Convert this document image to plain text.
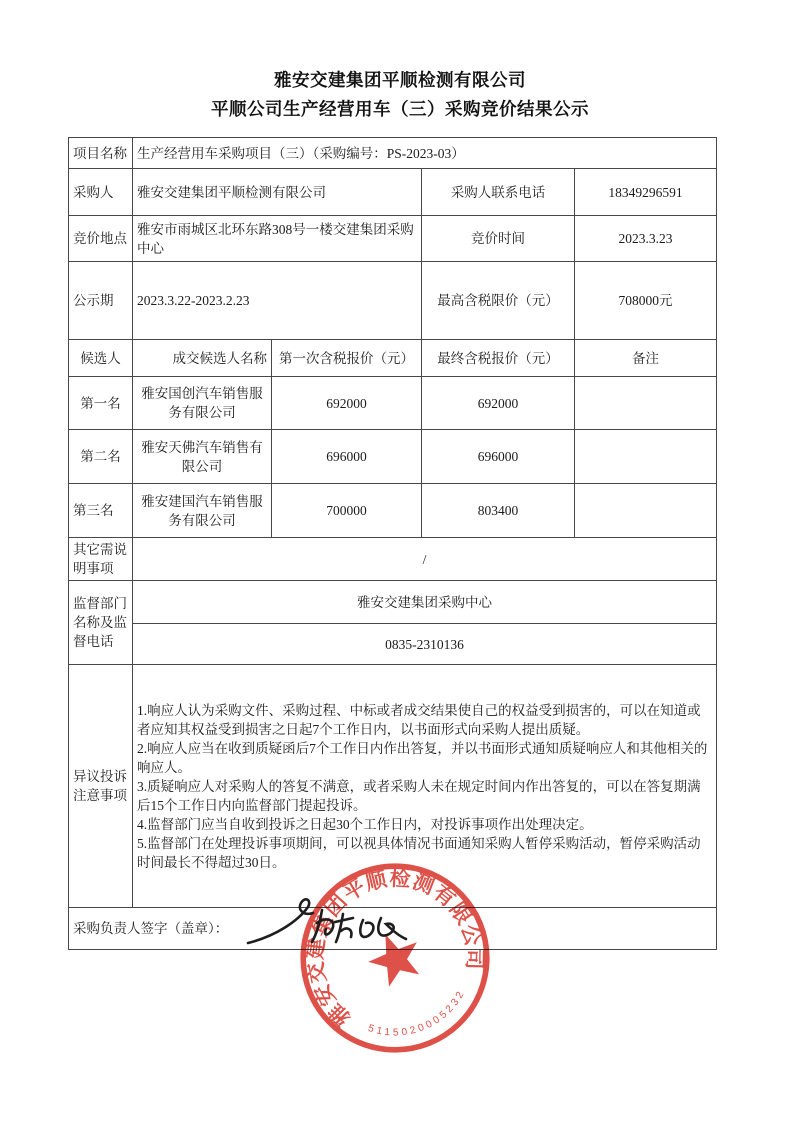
雅安交建集团平顺检测有限公司
平顺公司生产经营用车（三）采购竞价结果公示
项目名称	生产经营用车采购项目（三）（采购编号：PS-2023-03）			
采购人	雅安交建集团平顺检测有限公司		采购人联系电话	18349296591
竞价地点	雅安市雨城区北环东路308号一楼交建集团采购中心		竞价时间	2023.3.23
公示期	2023.3.22-2023.2.23		最高含税限价（元）	708000元
候选人	成交候选人名称	第一次含税报价（元）	最终含税报价（元）	备注
第一名	雅安国创汽车销售服务有限公司	692000	692000	
第二名	雅安天佛汽车销售有限公司	696000	696000	
第三名	雅安建国汽车销售服务有限公司	700000	803400	
其它需说明事项	/			
监督部门名称及监督电话	雅安交建集团采购中心			
	0835-2310136			
异议投诉注意事项	1.响应人认为采购文件、采购过程、中标或者成交结果使自己的权益受到损害的，可以在知道或者应知其权益受到损害之日起7个工作日内，以书面形式向采购人提出质疑。
2.响应人应当在收到质疑函后7个工作日内作出答复，并以书面形式通知质疑响应人和其他相关的响应人。
3.质疑响应人对采购人的答复不满意，或者采购人未在规定时间内作出答复的，可以在答复期满后15个工作日内向监督部门提起投诉。
4.监督部门应当自收到投诉之日起30个工作日内，对投诉事项作出处理决定。
5.监督部门在处理投诉事项期间，可以视具体情况书面通知采购人暂停采购活动，暂停采购活动时间最长不得超过30日。			

采购负责人签字（盖章）：				
雅安交建集团平顺检测有限公司
5115020005232
